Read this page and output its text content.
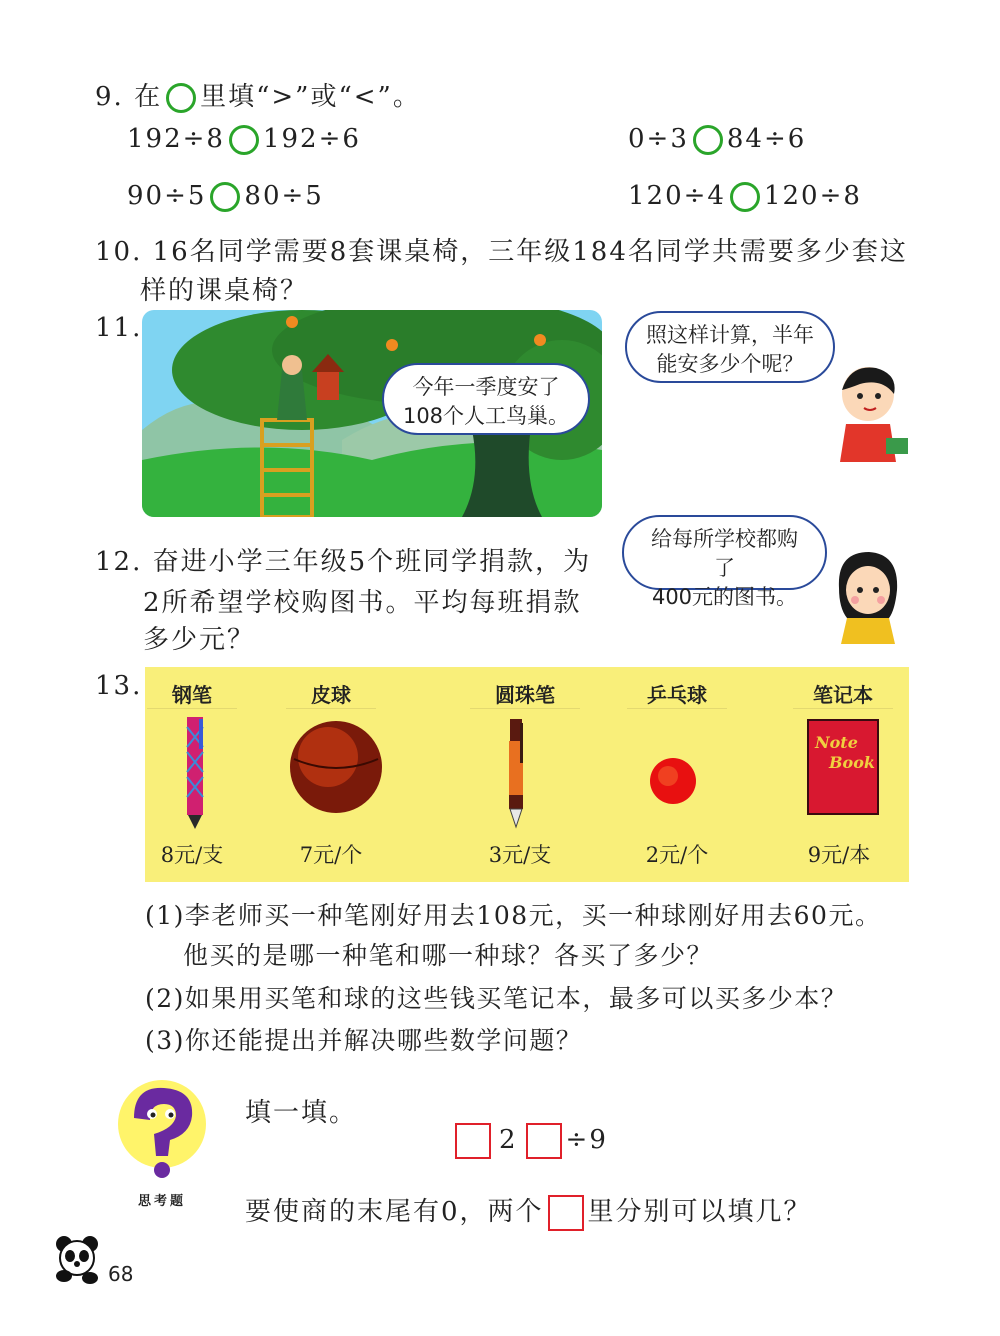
9. 在 里填“>”或“<”。
192÷8 192÷6	0÷3 84÷6
90÷5 80÷5	120÷4 120÷8
10. 16名同学需要8套课桌椅，三年级184名同学共需要多少套这
样的课桌椅？
11.
今年一季度安了
108个人工鸟巢。
照这样计算，半年
能安多少个呢？
12. 奋进小学三年级5个班同学捐款，为
2所希望学校购图书。平均每班捐款
多少元？
给每所学校都购了
400元的图书。
13.	钢笔	皮球	圆珠笔	乒乓球	笔记本
Note
Book
8元/支	7元/个	3元/支	2元/个	9元/本
(1)李老师买一种笔刚好用去108元，买一种球刚好用去60元。
他买的是哪一种笔和哪一种球？各买了多少？
(2)如果用买笔和球的这些钱买笔记本，最多可以买多少本？
(3)你还能提出并解决哪些数学问题？
思考题
填一填。
2 ÷9
要使商的末尾有0，两个 里分别可以填几？
68
